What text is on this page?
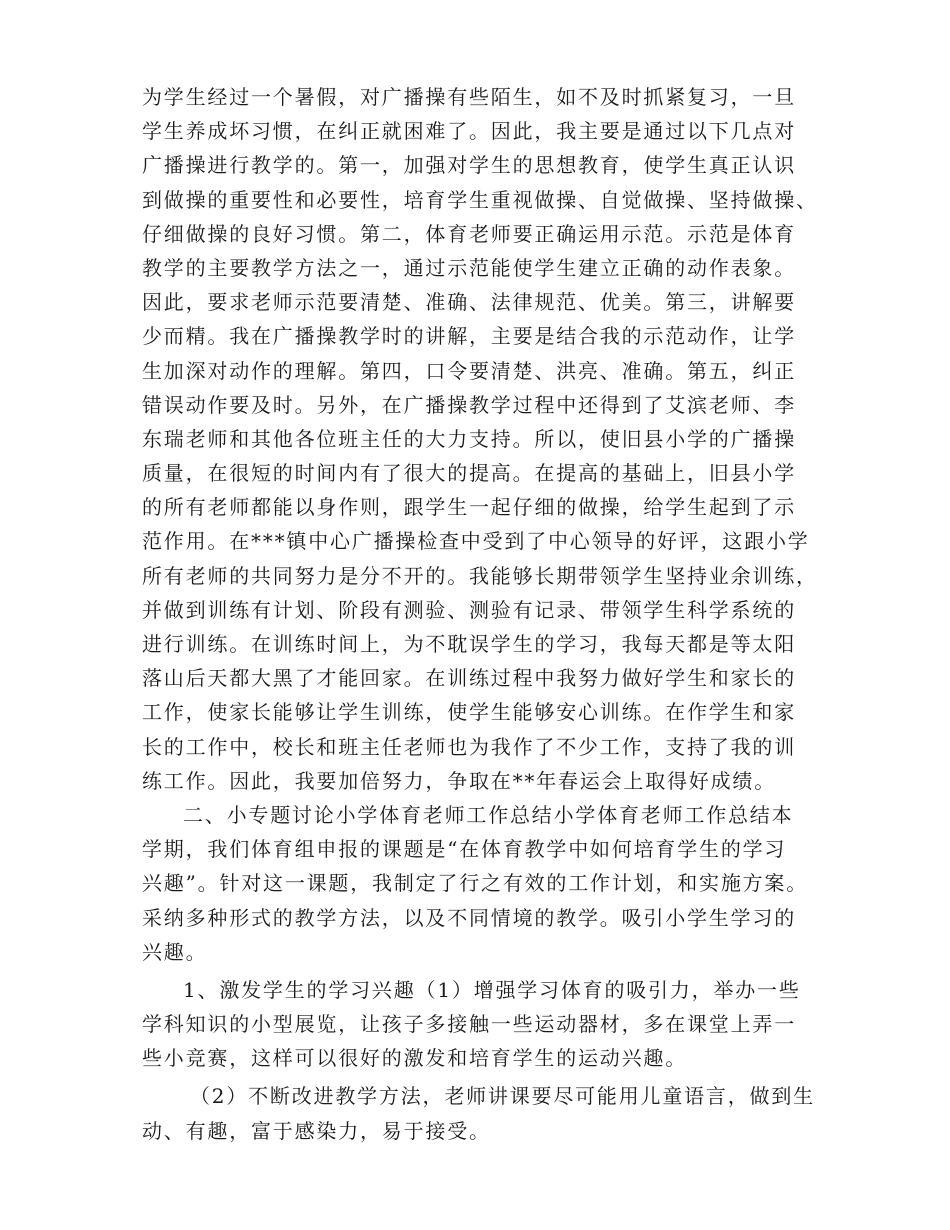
为学生经过一个暑假，对广播操有些陌生，如不及时抓紧复习，一旦
学生养成坏习惯，在纠正就困难了。因此，我主要是通过以下几点对
广播操进行教学的。第一，加强对学生的思想教育，使学生真正认识
到做操的重要性和必要性，培育学生重视做操、自觉做操、坚持做操、
仔细做操的良好习惯。第二，体育老师要正确运用示范。示范是体育
教学的主要教学方法之一，通过示范能使学生建立正确的动作表象。
因此，要求老师示范要清楚、准确、法律规范、优美。第三，讲解要
少而精。我在广播操教学时的讲解，主要是结合我的示范动作，让学
生加深对动作的理解。第四，口令要清楚、洪亮、准确。第五，纠正
错误动作要及时。另外，在广播操教学过程中还得到了艾滨老师、李
东瑞老师和其他各位班主任的大力支持。所以，使旧县小学的广播操
质量，在很短的时间内有了很大的提高。在提高的基础上，旧县小学
的所有老师都能以身作则，跟学生一起仔细的做操，给学生起到了示
范作用。在***镇中心广播操检查中受到了中心领导的好评，这跟小学
所有老师的共同努力是分不开的。我能够长期带领学生坚持业余训练，
并做到训练有计划、阶段有测验、测验有记录、带领学生科学系统的
进行训练。在训练时间上，为不耽误学生的学习，我每天都是等太阳
落山后天都大黑了才能回家。在训练过程中我努力做好学生和家长的
工作，使家长能够让学生训练，使学生能够安心训练。在作学生和家
长的工作中，校长和班主任老师也为我作了不少工作，支持了我的训
练工作。因此，我要加倍努力，争取在**年春运会上取得好成绩。
二、小专题讨论小学体育老师工作总结小学体育老师工作总结本
学期，我们体育组申报的课题是“在体育教学中如何培育学生的学习
兴趣”。针对这一课题，我制定了行之有效的工作计划，和实施方案。
采纳多种形式的教学方法，以及不同情境的教学。吸引小学生学习的
兴趣。
1、激发学生的学习兴趣（1）增强学习体育的吸引力，举办一些
学科知识的小型展览，让孩子多接触一些运动器材，多在课堂上弄一
些小竞赛，这样可以很好的激发和培育学生的运动兴趣。
（2）不断改进教学方法，老师讲课要尽可能用儿童语言，做到生
动、有趣，富于感染力，易于接受。
